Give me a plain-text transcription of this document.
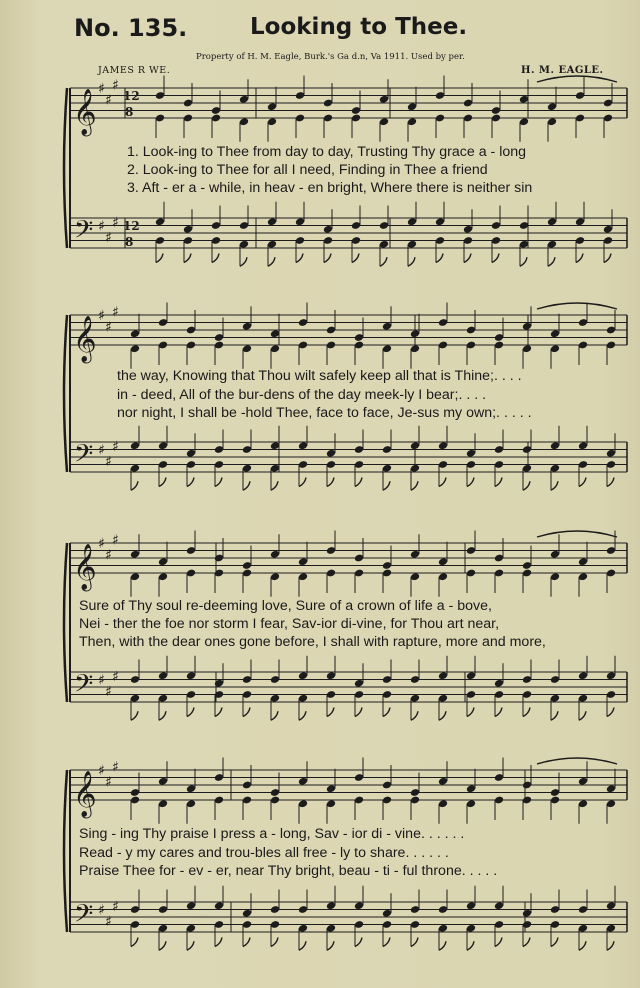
No. 135.	Looking to Thee.
Property of H. M. Eagle, Burk.'s Ga d.n, Va 1911. Used by per.
JAMES R WE.	H. M. EAGLE.
𝄞
𝄢
♯
♯
♯
♯
♯
♯
12
8
12
8
𝄞
𝄢
♯
♯
♯
♯
♯
♯
𝄞
𝄢
♯
♯
♯
♯
♯
♯
𝄞
𝄢
♯
♯
♯
♯
♯
♯
1. Look-ing to Thee from day to day, Trusting Thy grace a - long
2. Look-ing to Thee for all I need, Finding in Thee a friend
3. Aft - er a - while, in heav - en bright, Where there is neither sin
the way, Knowing that Thou wilt safely keep all that is Thine;. . . .
in - deed, All of the bur-dens of the day meek-ly I bear;. . . .
nor night, I shall be -hold Thee, face to face, Je-sus my own;. . . . .
Sure of Thy soul re-deeming love, Sure of a crown of life a - bove,
Nei - ther the foe nor storm I fear, Sav-ior di-vine, for Thou art near,
Then, with the dear ones gone before, I shall with rapture, more and more,
Sing - ing Thy praise I press a - long, Sav - ior di - vine. . . . . .
Read - y my cares and trou-bles all free - ly to share. . . . . .
Praise Thee for - ev - er, near Thy bright, beau - ti - ful throne. . . . .
